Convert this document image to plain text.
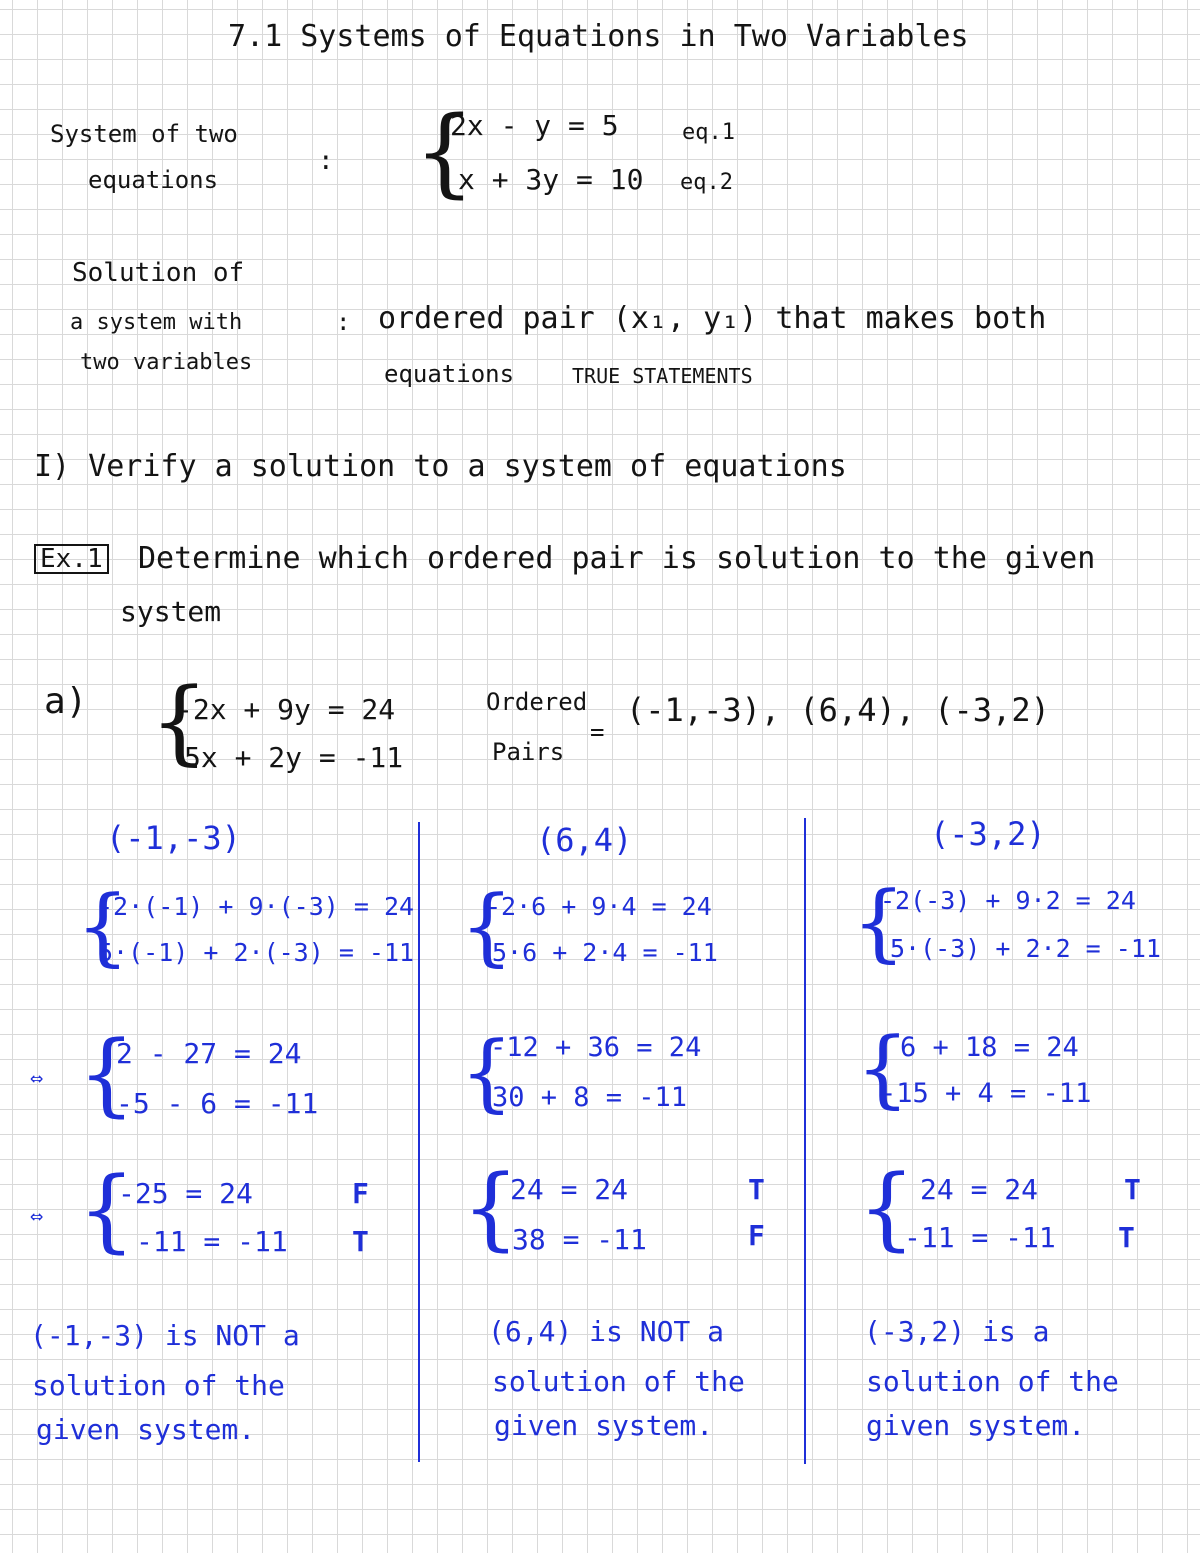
7.1 Systems of Equations in Two Variables
System of two
equations
: {
2x - y = 5	eq.1
x + 3y = 10 eq.2
Solution of
a system with
two variables
: ordered pair (x₁, y₁) that makes both
equations	TRUE STATEMENTS
I) Verify a solution to a system of equations
Ex.1 Determine which ordered pair is solution to the given
system
a) {
-2x + 9y = 24
5x + 2y = -11
Ordered
Pairs
=
(-1,-3), (6,4), (-3,2)
(-1,-3)
{
-2·(-1) + 9·(-3) = 24
5·(-1) + 2·(-3) = -11
⇔ {
2 - 27 = 24
-5 - 6 = -11
⇔ {
-25 = 24	F
-11 = -11 T
(-1,-3) is NOT a
solution of the
given system.
(6,4)
{
-2·6 + 9·4 = 24
5·6 + 2·4 = -11
{
-12 + 36 = 24
30 + 8 = -11
{
24 = 24	T
38 = -11	F
(6,4) is NOT a
solution of the
given system.
(-3,2)
{
-2(-3) + 9·2 = 24
5·(-3) + 2·2 = -11
{
6 + 18 = 24
-15 + 4 = -11
{ 24 = 24	T
-11 = -11 T
(-3,2) is a
solution of the
given system.
